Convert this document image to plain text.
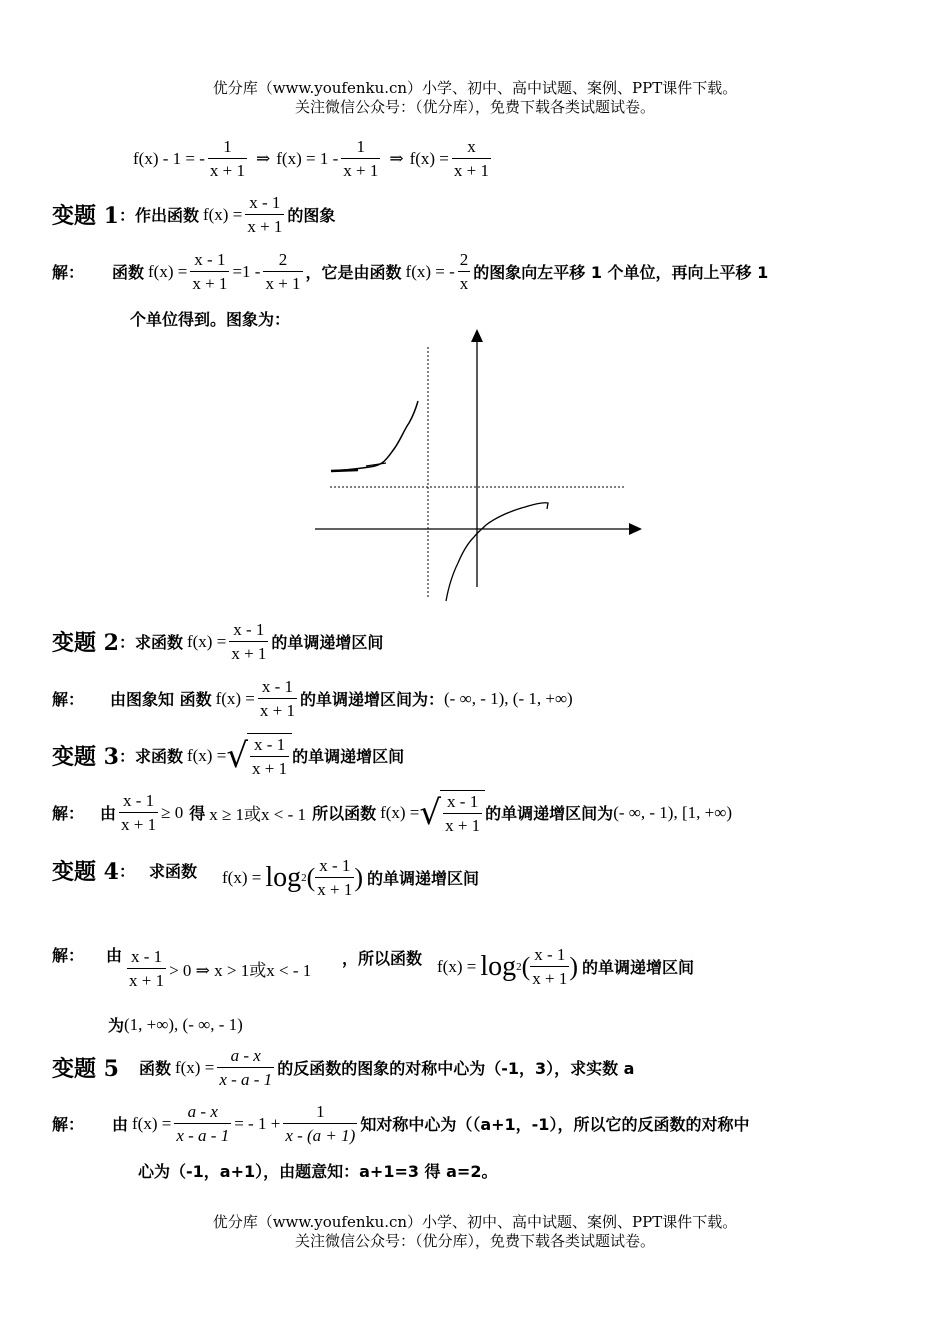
优分库（www.youfenku.cn）小学、初中、高中试题、案例、PPT课件下载。
关注微信公众号：（优分库），免费下载各类试题试卷。
f(x) - 1 = - $\frac{1}{x + 1}$ ⇒ $f(x) = 1 - \frac{1}{x + 1}$ ⇒ $f(x) = \frac{x}{x + 1}$
变题 1 ：作出函数 $f(x) = \frac{x - 1}{x + 1}$ 的图象
解：	函数 $f(x) = \frac{x - 1}{x + 1} =1 - \frac{2}{x + 1}$ ，它是由函数 f(x) = - $\frac{2}{x}$ 的图象向左平移 1 个单位，再向上平移 1
个单位得到。图象为：
变题 2 ：求函数 $f(x) = \frac{x - 1}{x + 1}$ 的单调递增区间
解：	由图象知 函数 $f(x) = \frac{x - 1}{x + 1}$ 的单调递增区间为： (- ∞, - 1), (- 1, +∞)
变题 3 ：求函数 f(x) = √ $\frac{x - 1}{x + 1}$ 的单调递增区间
解： 由 $\frac{x - 1}{x + 1} \ge 0$ 得 x ≥ 1或x < - 1 所以函数 f(x) = √ $\frac{x - 1}{x + 1}$ 的单调递增区间为 (- ∞, - 1), [1, +∞)
变题 4 ： 求函数 f(x) = log 2 ( $\frac{x - 1}{x + 1}$ ) 的单调递增区间
解：	由 $\frac{x - 1}{x + 1} > 0$ ⇒ x > 1或x < - 1
，所以函数 f(x) = log 2 ( $\frac{x - 1}{x + 1}$ ) 的单调递增区间
为 (1, +∞), (- ∞, - 1)
变题 5 函数 $f(x) = \frac{a - x}{x - a - 1}$ 的反函数的图象的对称中心为（-1，3），求实数 a
解：	由 $f(x) = \frac{a - x}{x - a - 1}$ = - $1 + \frac{1}{x - (a + 1)}$ 知对称中心为（（a+1，-1），所以它的反函数的对称中
心为（-1，a+1），由题意知：a+1=3 得 a=2。
优分库（www.youfenku.cn）小学、初中、高中试题、案例、PPT课件下载。
关注微信公众号：（优分库），免费下载各类试题试卷。
